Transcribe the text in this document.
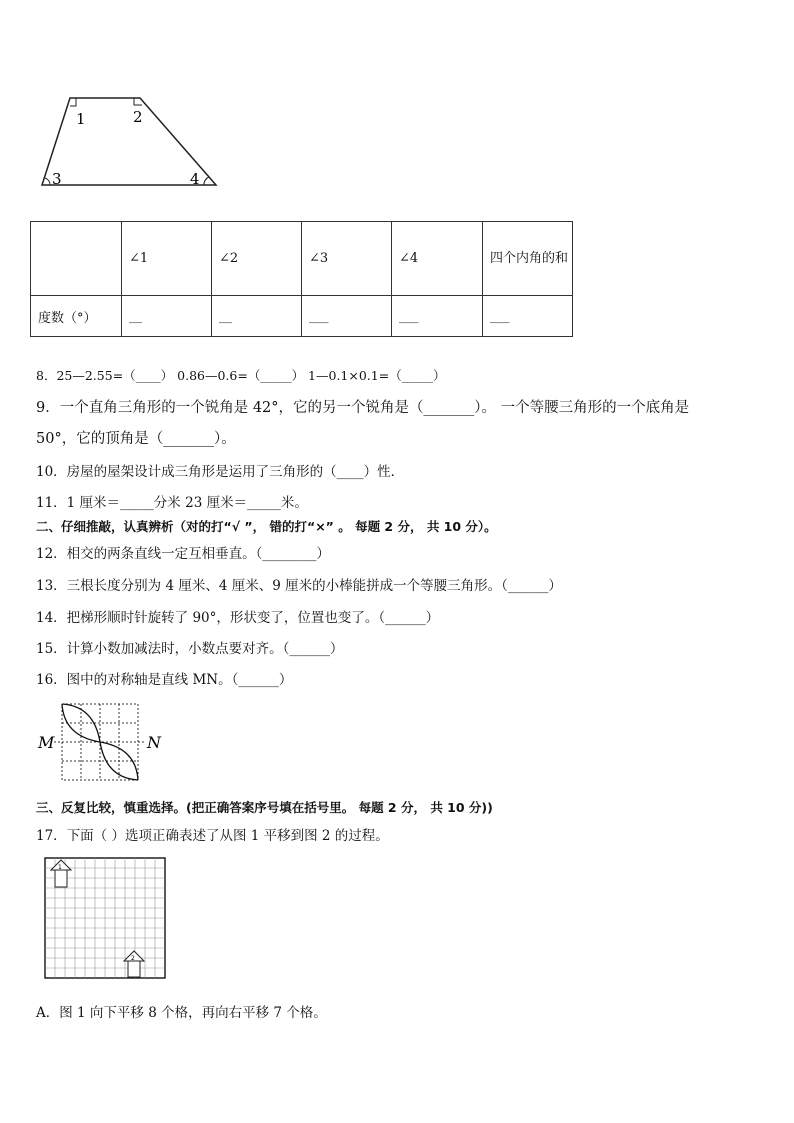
1	2
3	4
	∠1	∠2	∠3	∠4	四个内角的和
度数（°）	__	__	___	___	___
8．25—2.55=（____） 0.86—0.6=（_____） 1—0.1×0.1=（_____）
9．一个直角三角形的一个锐角是 42°，它的另一个锐角是（_______）。 一个等腰三角形的一个底角是
50°，它的顶角是（_______）。
10．房屋的屋架设计成三角形是运用了三角形的（____）性．
11．1 厘米＝_____分米 23 厘米＝_____米。
二、仔细推敲，认真辨析（对的打“√ ”， 错的打“×” 。 每题 2 分， 共 10 分）。
12．相交的两条直线一定互相垂直。（________）
13．三根长度分别为 4 厘米、4 厘米、9 厘米的小棒能拼成一个等腰三角形。（______）
14．把梯形顺时针旋转了 90°，形状变了，位置也变了。（______）
15．计算小数加减法时，小数点要对齐。（______）
16．图中的对称轴是直线 MN。（______）
M	N
三、反复比较，慎重选择。(把正确答案序号填在括号里。 每题 2 分， 共 10 分))
17．下面（ ）选项正确表述了从图 1 平移到图 2 的过程。
1
2
A．图 1 向下平移 8 个格，再向右平移 7 个格。
